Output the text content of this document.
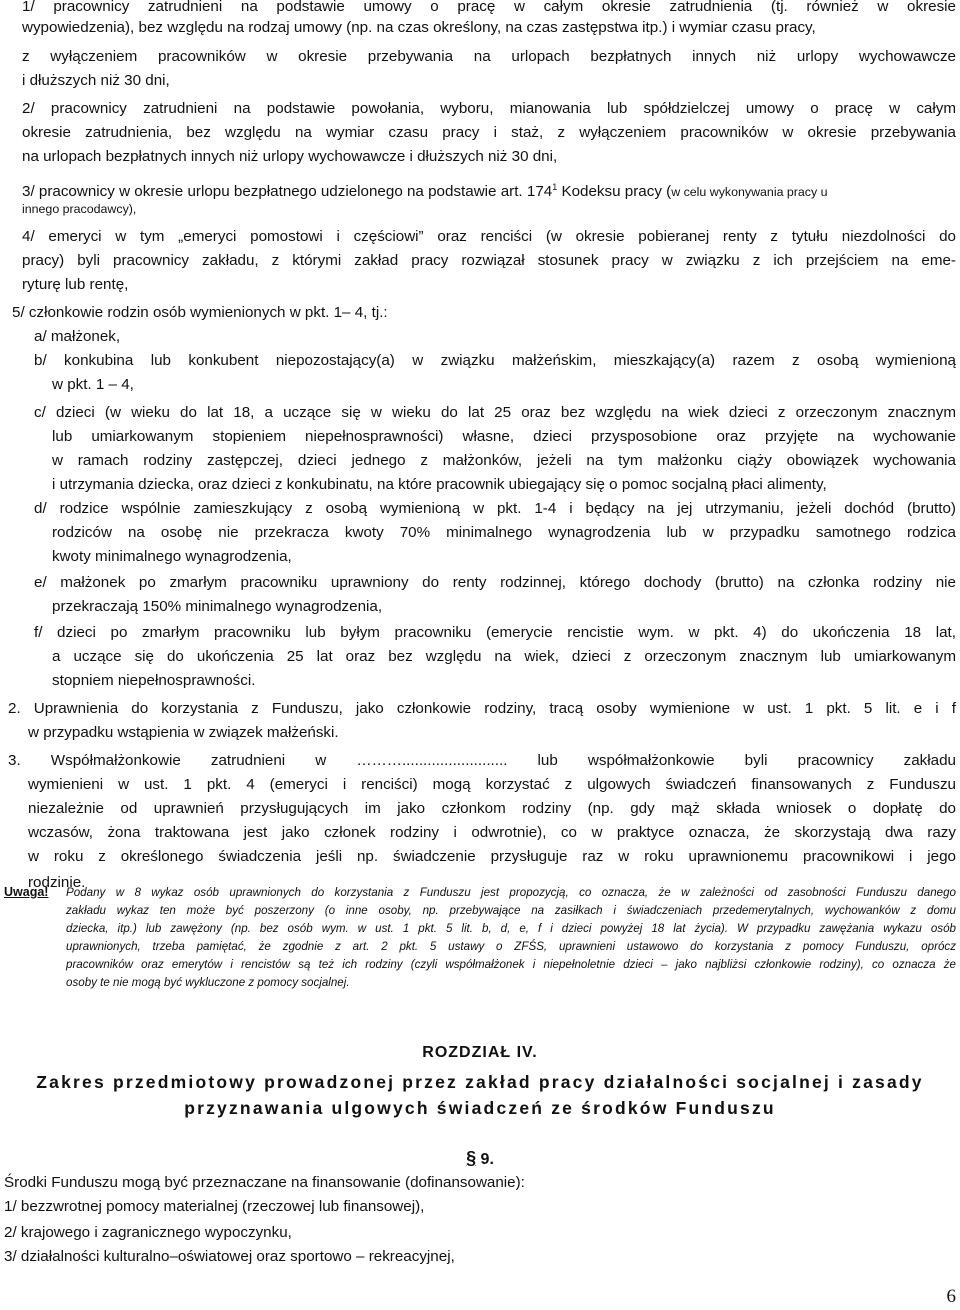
1/ pracownicy zatrudnieni na podstawie umowy o pracę w całym okresie zatrudnienia (tj. również w okresie
wypowiedzenia), bez względu na rodzaj umowy (np. na czas określony, na czas zastępstwa itp.) i wymiar czasu pracy,
z wyłączeniem pracowników w okresie przebywania na urlopach bezpłatnych innych niż urlopy wychowawcze
i dłuższych niż 30 dni,
2/ pracownicy zatrudnieni na podstawie powołania, wyboru, mianowania lub spółdzielczej umowy o pracę w całym
okresie zatrudnienia, bez względu na wymiar czasu pracy i staż, z wyłączeniem pracowników w okresie przebywania
na urlopach bezpłatnych innych niż urlopy wychowawcze i dłuższych niż 30 dni,
3/ pracownicy w okresie urlopu bezpłatnego udzielonego na podstawie art. $174^1$ Kodeksu pracy (w celu wykonywania pracy u
innego pracodawcy),
4/ emeryci w tym „emeryci pomostowi i częściowi” oraz renciści (w okresie pobieranej renty z tytułu niezdolności do
pracy) byli pracownicy zakładu, z którymi zakład pracy rozwiązał stosunek pracy w związku z ich przejściem na eme-
ryturę lub rentę,
5/ członkowie rodzin osób wymienionych w pkt. 1– 4, tj.:
a/ małżonek,
b/ konkubina lub konkubent niepozostający(a) w związku małżeńskim, mieszkający(a) razem z osobą wymienioną
w pkt. 1 – 4,
c/ dzieci (w wieku do lat 18, a uczące się w wieku do lat 25 oraz bez względu na wiek dzieci z orzeczonym znacznym
lub umiarkowanym stopieniem niepełnosprawności) własne, dzieci przysposobione oraz przyjęte na wychowanie
w ramach rodziny zastępczej, dzieci jednego z małżonków, jeżeli na tym małżonku ciąży obowiązek wychowania
i utrzymania dziecka, oraz dzieci z konkubinatu, na które pracownik ubiegający się o pomoc socjalną płaci alimenty,
d/ rodzice wspólnie zamieszkujący z osobą wymienioną w pkt. 1-4 i będący na jej utrzymaniu, jeżeli dochód (brutto)
rodziców na osobę nie przekracza kwoty 70% minimalnego wynagrodzenia lub w przypadku samotnego rodzica
kwoty minimalnego wynagrodzenia,
e/ małżonek po zmarłym pracowniku uprawniony do renty rodzinnej, którego dochody (brutto) na członka rodziny nie
przekraczają 150% minimalnego wynagrodzenia,
f/ dzieci po zmarłym pracowniku lub byłym pracowniku (emerycie rencistie wym. w pkt. 4) do ukończenia 18 lat,
a uczące się do ukończenia 25 lat oraz bez względu na wiek, dzieci z orzeczonym znacznym lub umiarkowanym
stopniem niepełnosprawności.
2. Uprawnienia do korzystania z Funduszu, jako członkowie rodziny, tracą osoby wymienione w ust. 1 pkt. 5 lit. e i f
w przypadku wstąpienia w związek małżeński.
3. Współmałżonkowie zatrudnieni w ………......................... lub współmałżonkowie byli pracownicy zakładu
wymienieni w ust. 1 pkt. 4 (emeryci i renciści) mogą korzystać z ulgowych świadczeń finansowanych z Funduszu
niezależnie od uprawnień przysługujących im jako członkom rodziny (np. gdy mąż składa wniosek o dopłatę do
wczasów, żona traktowana jest jako członek rodziny i odwrotnie), co w praktyce oznacza, że skorzystają dwa razy
w roku z określonego świadczenia jeśli np. świadczenie przysługuje raz w roku uprawnionemu pracownikowi i jego
rodzinie.
Uwaga! Podany w 8 wykaz osób uprawnionych do korzystania z Funduszu jest propozycją, co oznacza, że w zależności od zasobności Funduszu danego
zakładu wykaz ten może być poszerzony (o inne osoby, np. przebywające na zasiłkach i świadczeniach przedemerytalnych, wychowanków z domu
dziecka, itp.) lub zawężony (np. bez osób wym. w ust. 1 pkt. 5 lit. b, d, e, f i dzieci powyżej 18 lat życia). W przypadku zawężania wykazu osób
uprawnionych, trzeba pamiętać, że zgodnie z art. 2 pkt. 5 ustawy o ZFŚS, uprawnieni ustawowo do korzystania z pomocy Funduszu, oprócz
pracowników oraz emerytów i rencistów są też ich rodziny (czyli współmałżonek i niepełnoletnie dzieci – jako najbliżsi członkowie rodziny), co oznacza że
osoby te nie mogą być wykluczone z pomocy socjalnej.
ROZDZIAŁ IV.
Zakres przedmiotowy prowadzonej przez zakład pracy działalności socjalnej i zasady
przyznawania ulgowych świadczeń ze środków Funduszu
§ 9.
Środki Funduszu mogą być przeznaczane na finansowanie (dofinansowanie):
1/ bezzwrotnej pomocy materialnej (rzeczowej lub finansowej),
2/ krajowego i zagranicznego wypoczynku,
3/ działalności kulturalno–oświatowej oraz sportowo – rekreacyjnej,
6
